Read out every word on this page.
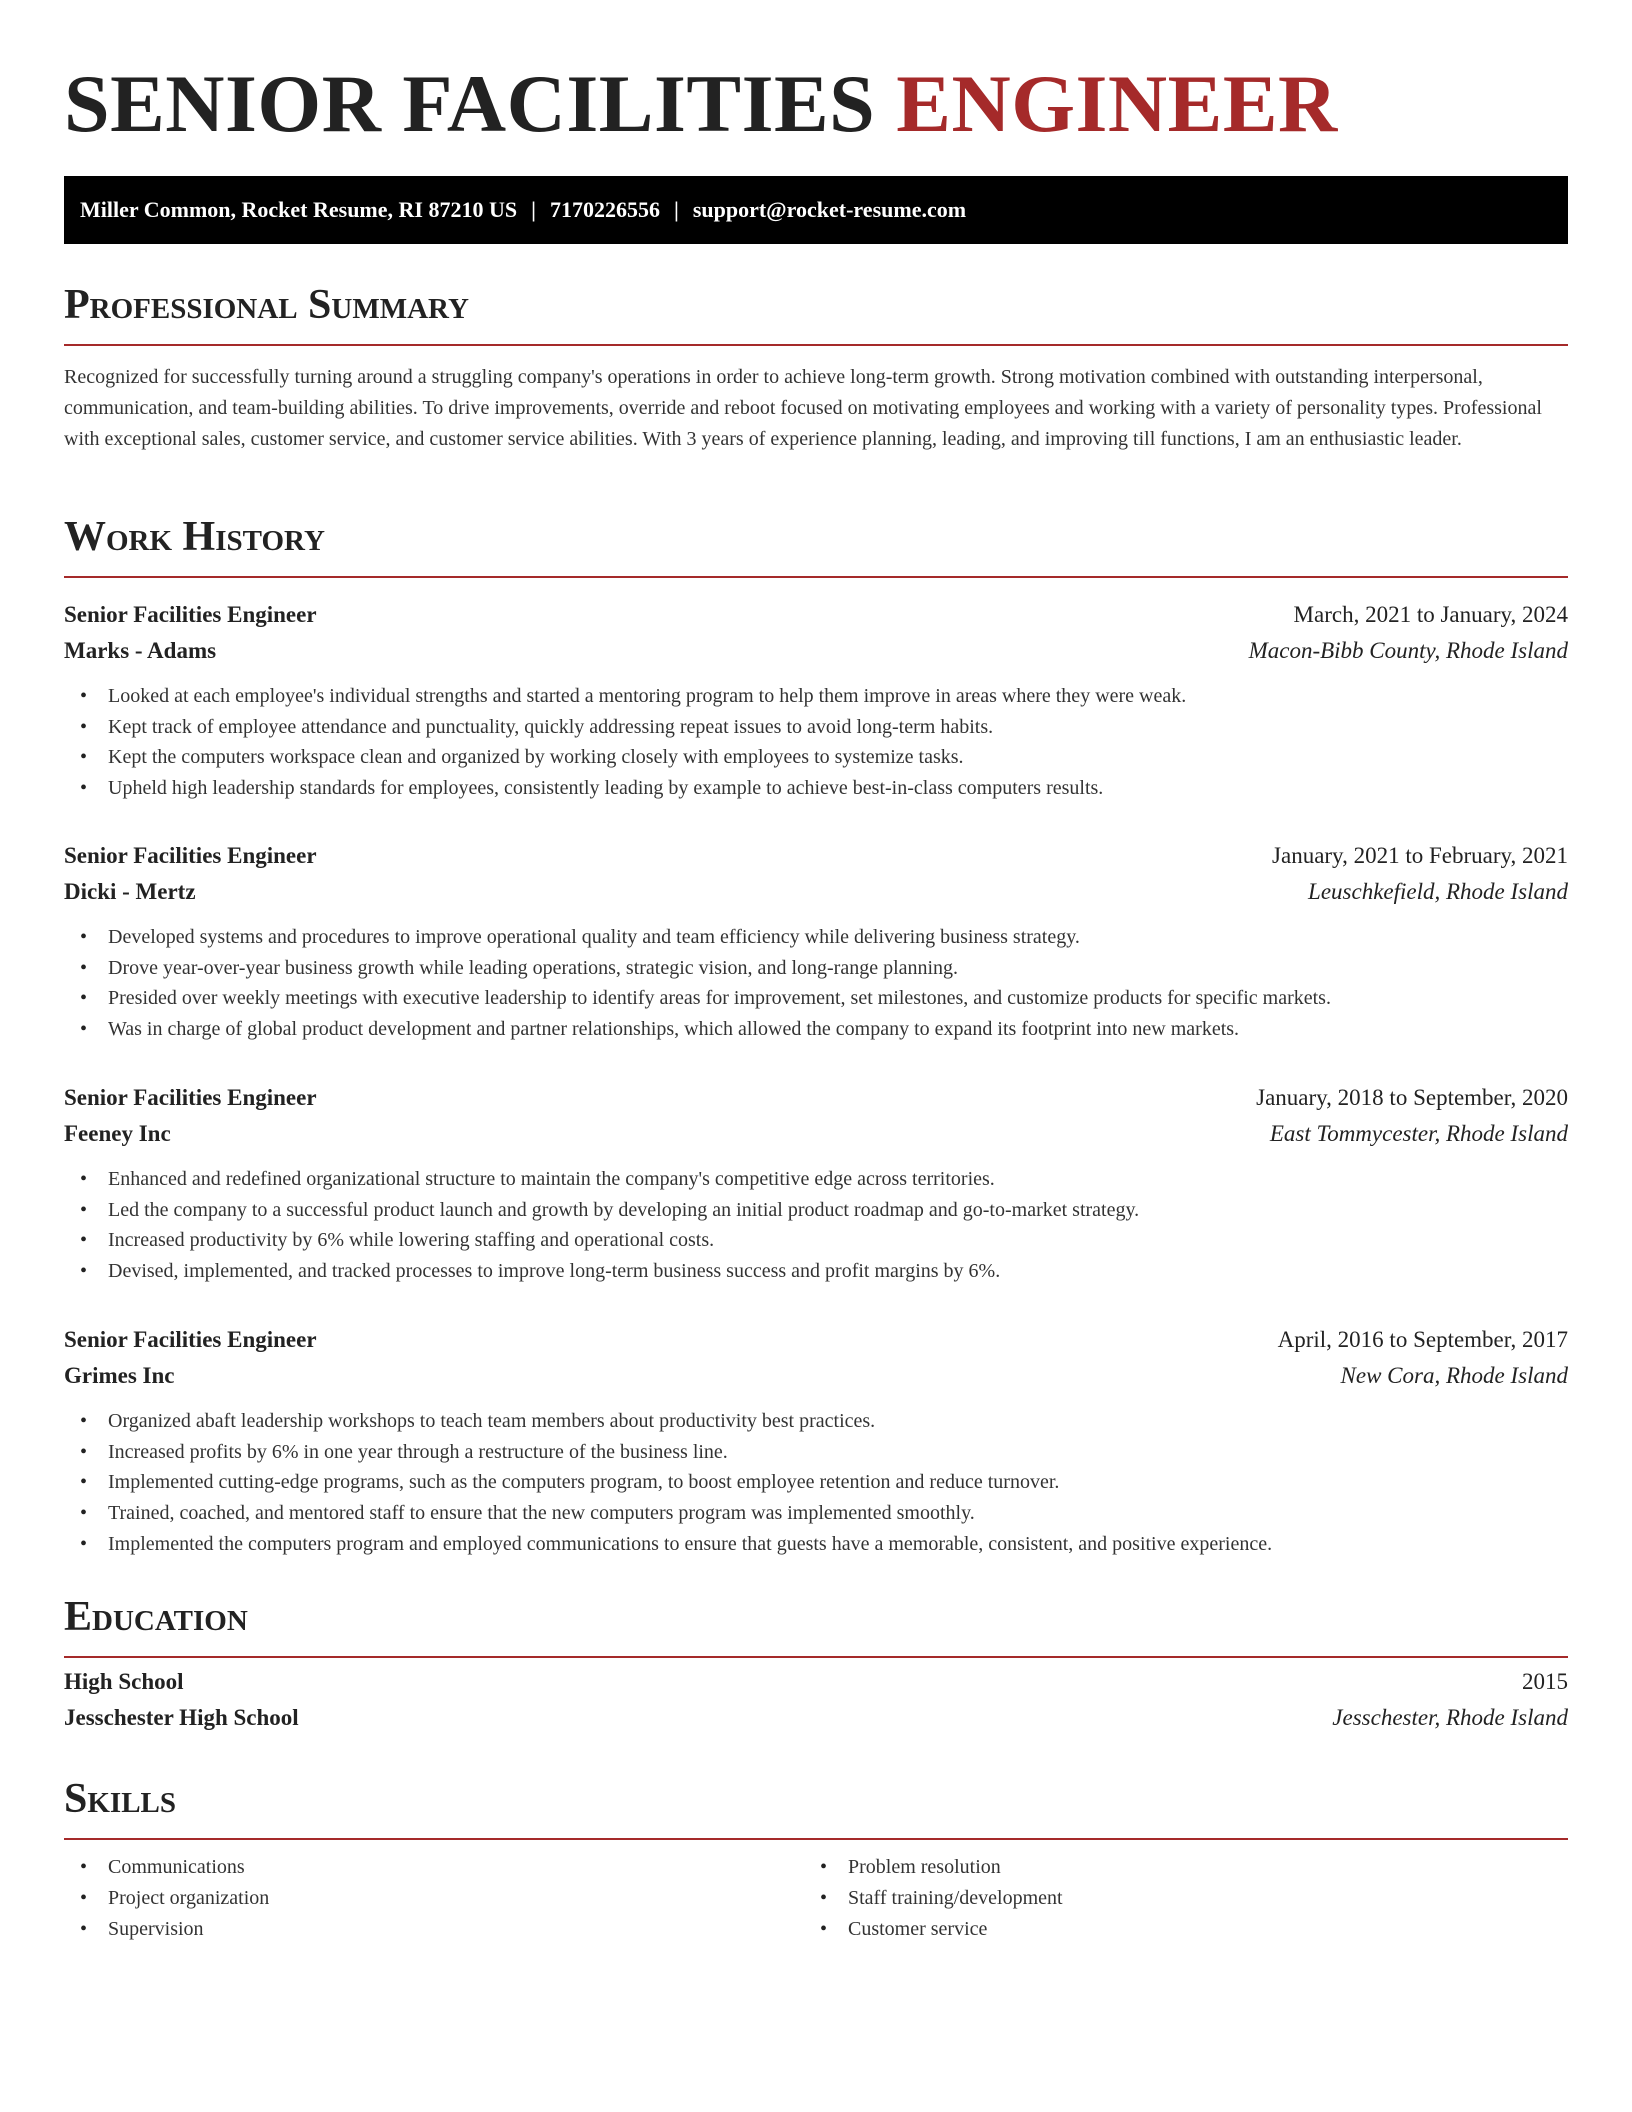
SENIOR FACILITIES ENGINEER
Miller Common, Rocket Resume, RI 87210 US | 7170226556 | support@rocket-resume.com
Professional Summary

Recognized for successfully turning around a struggling company's operations in order to achieve long-term growth. Strong motivation combined with outstanding interpersonal, communication, and team-building abilities. To drive improvements, override and reboot focused on motivating employees and working with a variety of personality types. Professional with exceptional sales, customer service, and customer service abilities. With 3 years of experience planning, leading, and improving till functions, I am an enthusiastic leader.

Work History
Senior Facilities Engineer	March, 2021 to January, 2024
Marks - Adams	Macon-Bibb County, Rhode Island
• Looked at each employee's individual strengths and started a mentoring program to help them improve in areas where they were weak.
• Kept track of employee attendance and punctuality, quickly addressing repeat issues to avoid long-term habits.
• Kept the computers workspace clean and organized by working closely with employees to systemize tasks.
• Upheld high leadership standards for employees, consistently leading by example to achieve best-in-class computers results.
Senior Facilities Engineer	January, 2021 to February, 2021
Dicki - Mertz	Leuschkefield, Rhode Island
• Developed systems and procedures to improve operational quality and team efficiency while delivering business strategy.
• Drove year-over-year business growth while leading operations, strategic vision, and long-range planning.
• Presided over weekly meetings with executive leadership to identify areas for improvement, set milestones, and customize products for specific markets.
• Was in charge of global product development and partner relationships, which allowed the company to expand its footprint into new markets.
Senior Facilities Engineer	January, 2018 to September, 2020
Feeney Inc	East Tommycester, Rhode Island
• Enhanced and redefined organizational structure to maintain the company's competitive edge across territories.
• Led the company to a successful product launch and growth by developing an initial product roadmap and go-to-market strategy.
• Increased productivity by 6% while lowering staffing and operational costs.
• Devised, implemented, and tracked processes to improve long-term business success and profit margins by 6%.
Senior Facilities Engineer	April, 2016 to September, 2017
Grimes Inc	New Cora, Rhode Island
• Organized abaft leadership workshops to teach team members about productivity best practices.
• Increased profits by 6% in one year through a restructure of the business line.
• Implemented cutting-edge programs, such as the computers program, to boost employee retention and reduce turnover.
• Trained, coached, and mentored staff to ensure that the new computers program was implemented smoothly.
• Implemented the computers program and employed communications to ensure that guests have a memorable, consistent, and positive experience.
Education
High School	2015
Jesschester High School	Jesschester, Rhode Island
Skills
• Communications
• Project organization
• Supervision
• Problem resolution
• Staff training/development
• Customer service
